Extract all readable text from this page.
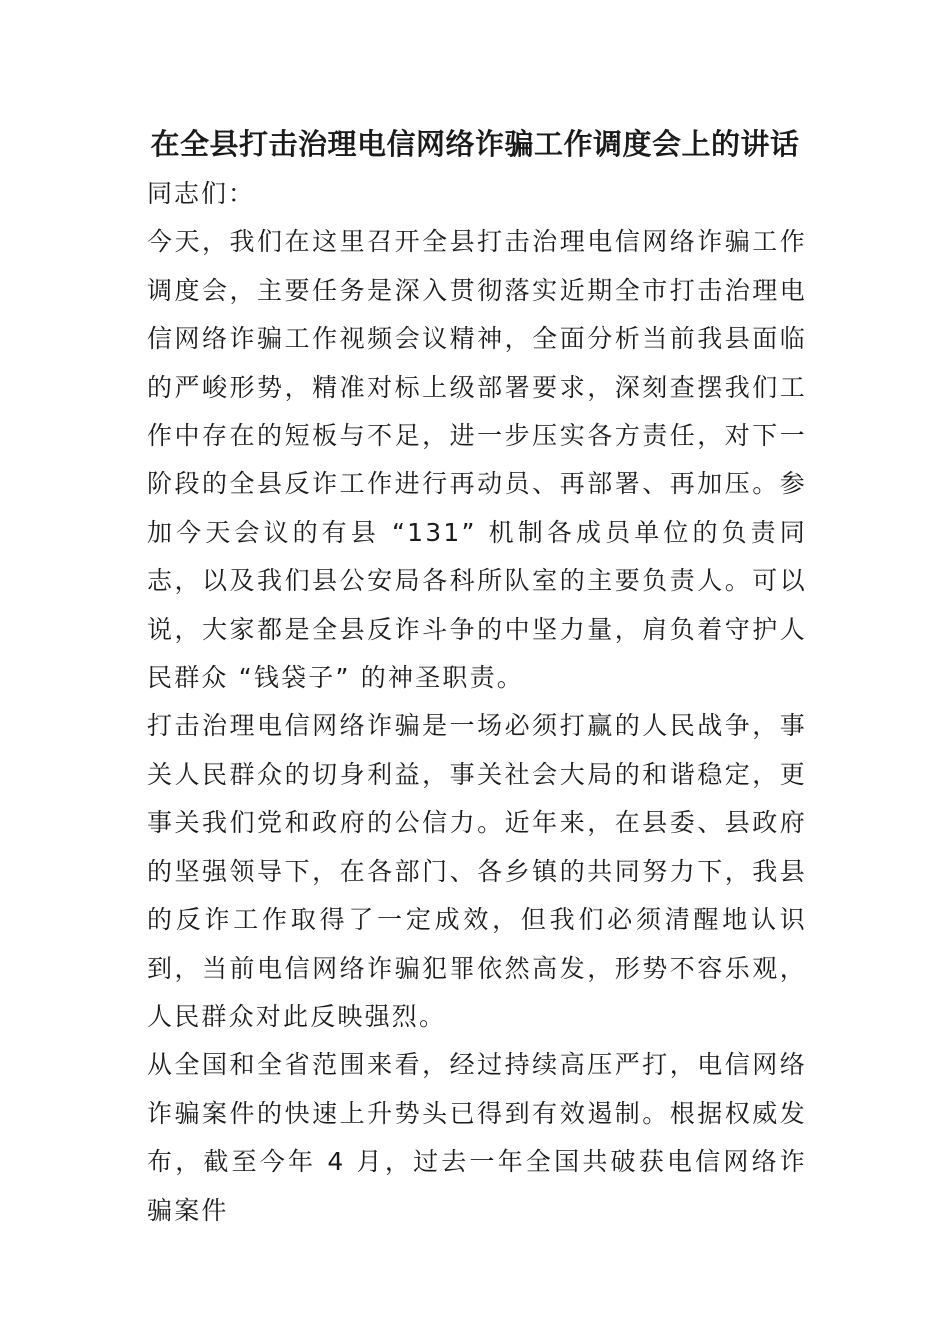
在全县打击治理电信网络诈骗工作调度会上的讲话

同志们：

今天，我们在这里召开全县打击治理电信网络诈骗工作调度会，主要任务是深入贯彻落实近期全市打击治理电信网络诈骗工作视频会议精神，全面分析当前我县面临的严峻形势，精准对标上级部署要求，深刻查摆我们工作中存在的短板与不足，进一步压实各方责任，对下一阶段的全县反诈工作进行再动员、再部署、再加压。参加今天会议的有县 “131” 机制各成员单位的负责同志，以及我们县公安局各科所队室的主要负责人。可以说，大家都是全县反诈斗争的中坚力量，肩负着守护人民群众 “钱袋子” 的神圣职责。

打击治理电信网络诈骗是一场必须打赢的人民战争，事关人民群众的切身利益，事关社会大局的和谐稳定，更事关我们党和政府的公信力。近年来，在县委、县政府的坚强领导下，在各部门、各乡镇的共同努力下，我县的反诈工作取得了一定成效，但我们必须清醒地认识到，当前电信网络诈骗犯罪依然高发，形势不容乐观，人民群众对此反映强烈。

从全国和全省范围来看，经过持续高压严打，电信网络诈骗案件的快速上升势头已得到有效遏制。根据权威发布，截至今年 4 月，过去一年全国共破获电信网络诈骗案件
